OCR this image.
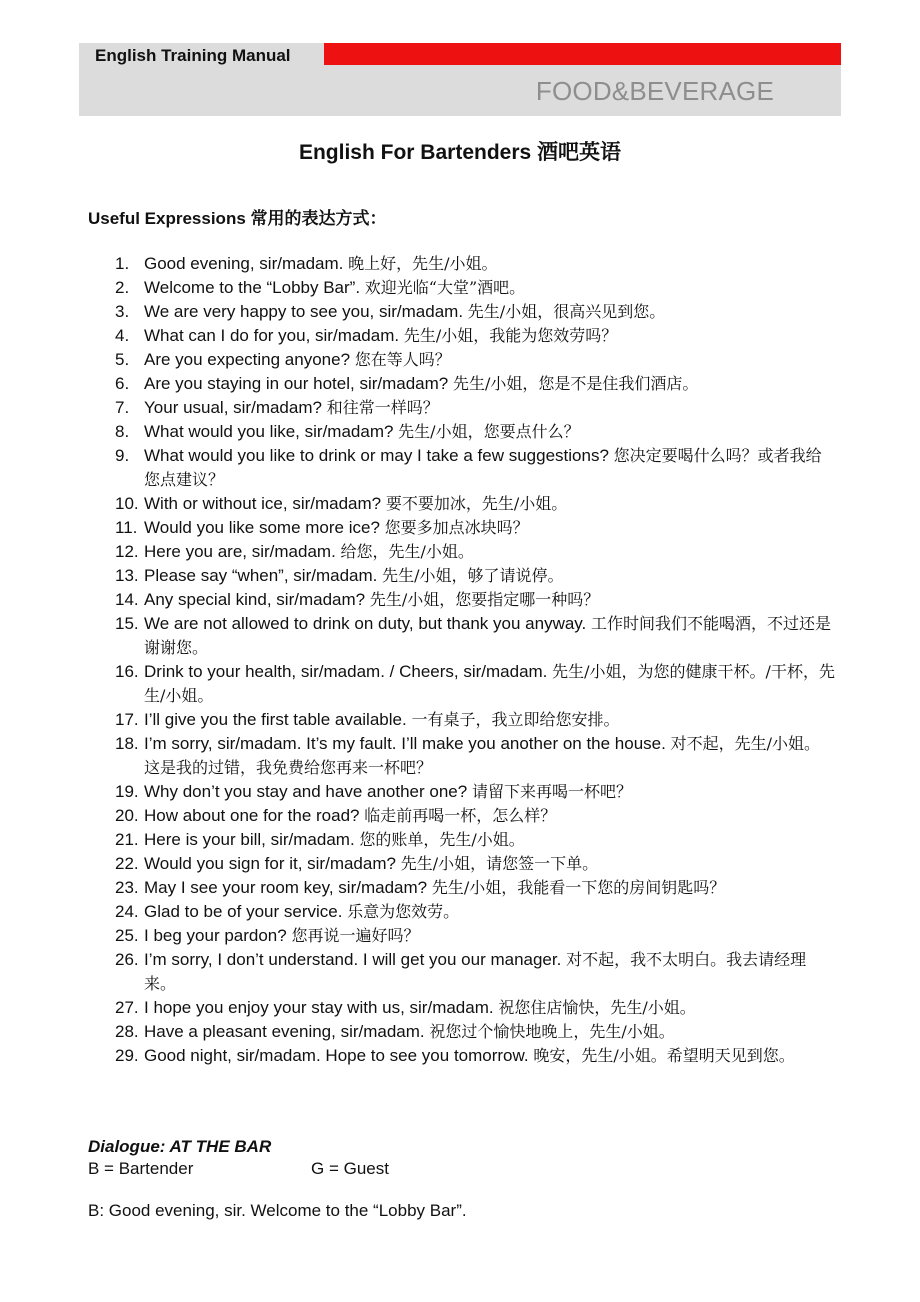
English Training Manual
FOOD&BEVERAGE
English For Bartenders 酒吧英语
Useful Expressions 常用的表达方式：
1. Good evening, sir/madam. 晚上好，先生/小姐。
2. Welcome to the “Lobby Bar”. 欢迎光临“大堂”酒吧。
3. We are very happy to see you, sir/madam. 先生/小姐，很高兴见到您。
4. What can I do for you, sir/madam. 先生/小姐，我能为您效劳吗？
5. Are you expecting anyone? 您在等人吗？
6. Are you staying in our hotel, sir/madam? 先生/小姐，您是不是住我们酒店。
7. Your usual, sir/madam? 和往常一样吗？
8. What would you like, sir/madam? 先生/小姐，您要点什么？
9. What would you like to drink or may I take a few suggestions? 您决定要喝什么吗？或者我给您点建议？
10. With or without ice, sir/madam? 要不要加冰，先生/小姐。
11. Would you like some more ice? 您要多加点冰块吗？
12. Here you are, sir/madam. 给您，先生/小姐。
13. Please say “when”, sir/madam. 先生/小姐，够了请说停。
14. Any special kind, sir/madam? 先生/小姐，您要指定哪一种吗？
15. We are not allowed to drink on duty, but thank you anyway. 工作时间我们不能喝酒，不过还是谢谢您。
16. Drink to your health, sir/madam. / Cheers, sir/madam. 先生/小姐，为您的健康干杯。/干杯，先生/小姐。
17. I’ll give you the first table available. 一有桌子，我立即给您安排。
18. I’m sorry, sir/madam. It’s my fault. I’ll make you another on the house. 对不起，先生/小姐。这是我的过错，我免费给您再来一杯吧？
19. Why don’t you stay and have another one? 请留下来再喝一杯吧？
20. How about one for the road? 临走前再喝一杯，怎么样？
21. Here is your bill, sir/madam. 您的账单，先生/小姐。
22. Would you sign for it, sir/madam? 先生/小姐，请您签一下单。
23. May I see your room key, sir/madam? 先生/小姐，我能看一下您的房间钥匙吗？
24. Glad to be of your service. 乐意为您效劳。
25. I beg your pardon? 您再说一遍好吗？
26. I’m sorry, I don’t understand. I will get you our manager. 对不起，我不太明白。我去请经理来。
27. I hope you enjoy your stay with us, sir/madam. 祝您住店愉快，先生/小姐。
28. Have a pleasant evening, sir/madam. 祝您过个愉快地晚上，先生/小姐。
29. Good night, sir/madam. Hope to see you tomorrow. 晚安，先生/小姐。希望明天见到您。
Dialogue: AT THE BAR
B = Bartender	G = Guest
B: Good evening, sir. Welcome to the “Lobby Bar”.
